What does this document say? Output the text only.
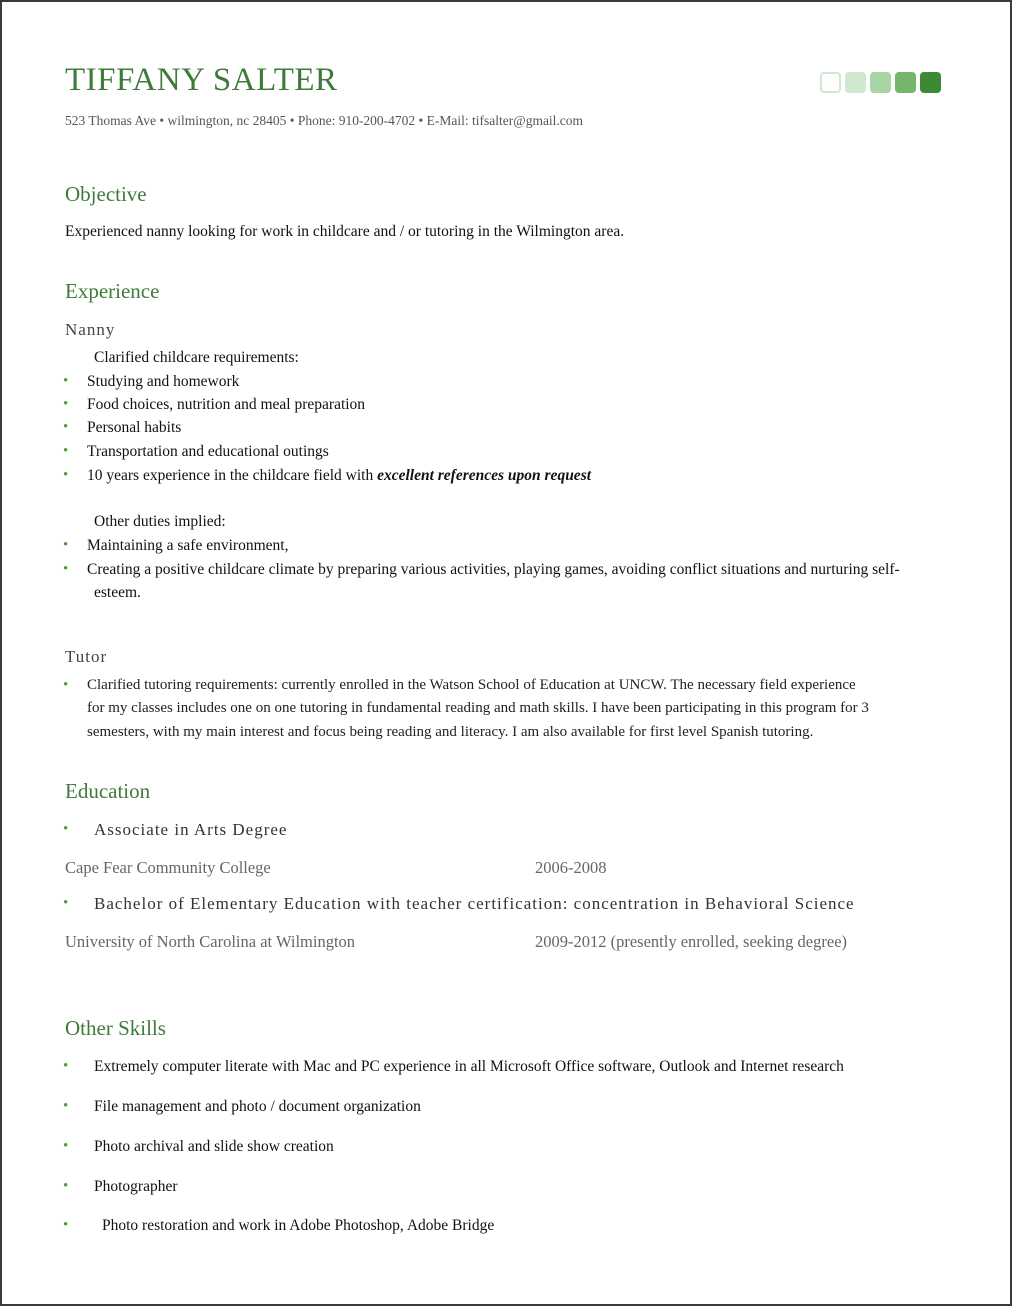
TIFFANY SALTER
523 Thomas Ave • wilmington, nc 28405 • Phone: 910-200-4702 • E-Mail: tifsalter@gmail.com
Objective
Experienced nanny looking for work in childcare and / or tutoring in the Wilmington area.
Experience
Nanny
Clarified childcare requirements:
• Studying and homework
• Food choices, nutrition and meal preparation
• Personal habits
• Transportation and educational outings
• 10 years experience in the childcare field with excellent references upon request
Other duties implied:
• Maintaining a safe environment,
• Creating a positive childcare climate by preparing various activities, playing games, avoiding conflict situations and nurturing self-
esteem.
Tutor
• Clarified tutoring requirements: currently enrolled in the Watson School of Education at UNCW. The necessary field experience
for my classes includes one on one tutoring in fundamental reading and math skills. I have been participating in this program for 3
semesters, with my main interest and focus being reading and literacy. I am also available for first level Spanish tutoring.
Education
• Associate in Arts Degree
Cape Fear Community College	2006-2008
• Bachelor of Elementary Education with teacher certification: concentration in Behavioral Science
University of North Carolina at Wilmington	2009-2012 (presently enrolled, seeking degree)
Other Skills
• Extremely computer literate with Mac and PC experience in all Microsoft Office software, Outlook and Internet research
• File management and photo / document organization
• Photo archival and slide show creation
• Photographer
• Photo restoration and work in Adobe Photoshop, Adobe Bridge
